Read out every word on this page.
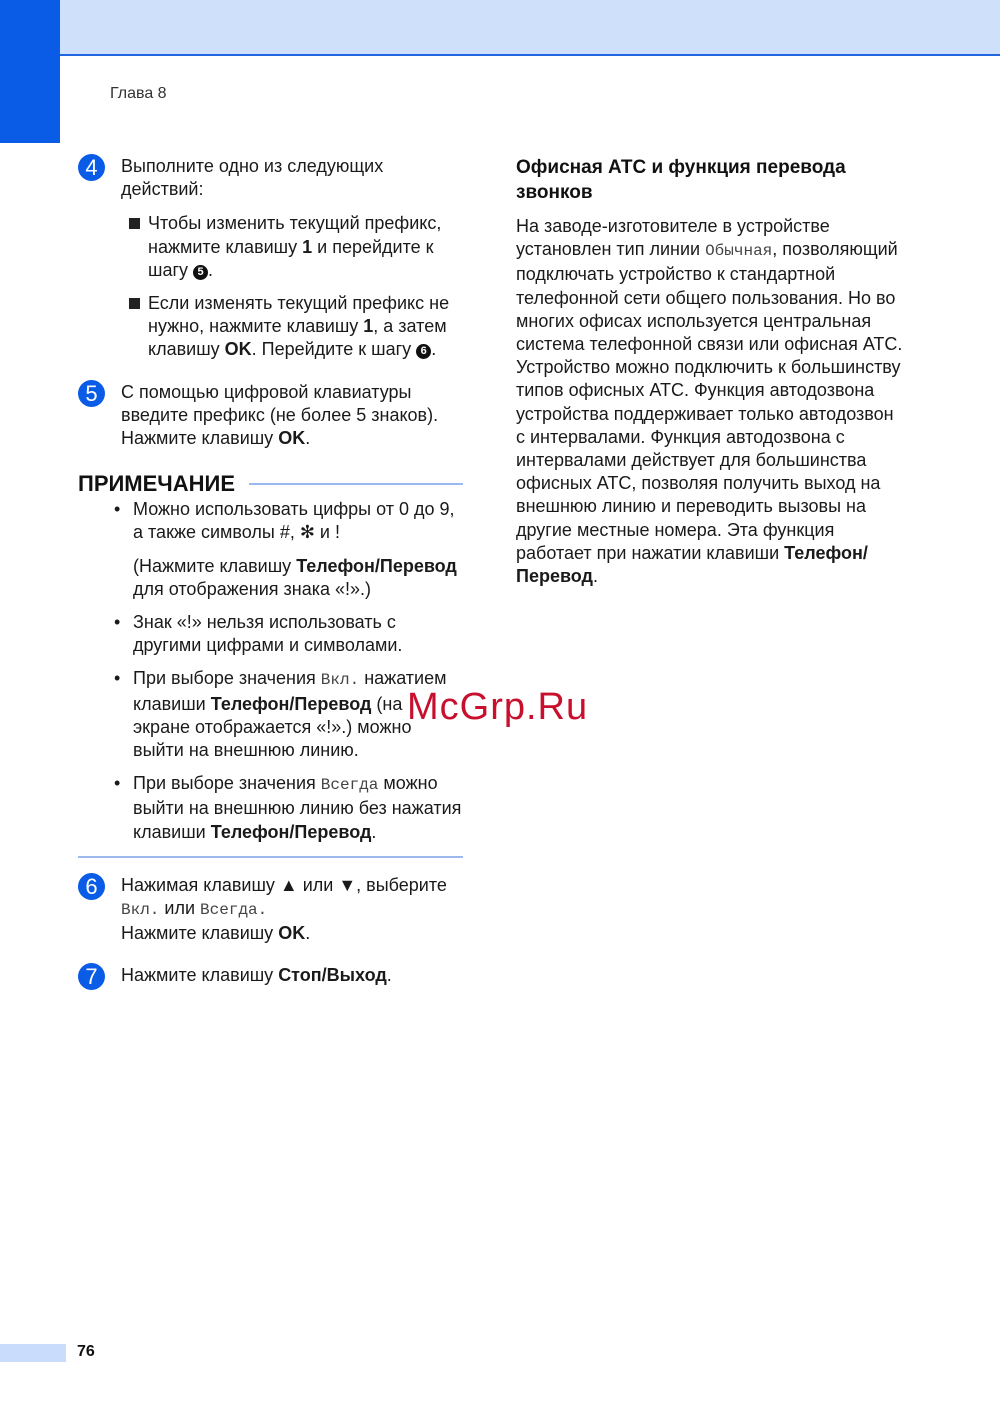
Глава 8
4	Выполните одно из следующих действий:
Чтобы изменить текущий префикс, нажмите клавишу 1 и перейдите к шагу 5 .
Если изменять текущий префикс не нужно, нажмите клавишу 1, а затем клавишу OK. Перейдите к шагу 6 .
5	С помощью цифровой клавиатуры введите префикс (не более 5 знаков).
Нажмите клавишу OK.
ПРИМЕЧАНИЕ
• Можно использовать цифры от 0 до 9, а также символы #, ✻ и !
(Нажмите клавишу Телефон/Перевод для отображения знака «!».)
• Знак «!» нельзя использовать с другими цифрами и символами.
• При выборе значения Вкл. нажатием клавиши Телефон/Перевод (на экране отображается «!».) можно выйти на внешнюю линию.
• При выборе значения Всегда можно выйти на внешнюю линию без нажатия клавиши Телефон/Перевод.
6	Нажимая клавишу ▲ или ▼, выберите Вкл. или Всегда.
Нажмите клавишу OK.
7	Нажмите клавишу Стоп/Выход.
Офисная АТС и функция перевода звонков
На заводе-изготовителе в устройстве установлен тип линии Обычная, позволяющий подключать устройство к стандартной телефонной сети общего пользования. Но во многих офисах используется центральная система телефонной связи или офисная АТС. Устройство можно подключить к большинству типов офисных АТС. Функция автодозвона устройства поддерживает только автодозвон с интервалами. Функция автодозвона с интервалами действует для большинства офисных АТС, позволяя получить выход на внешнюю линию и переводить вызовы на другие местные номера. Эта функция работает при нажатии клавиши Телефон/Перевод.
McGrp.Ru
76
